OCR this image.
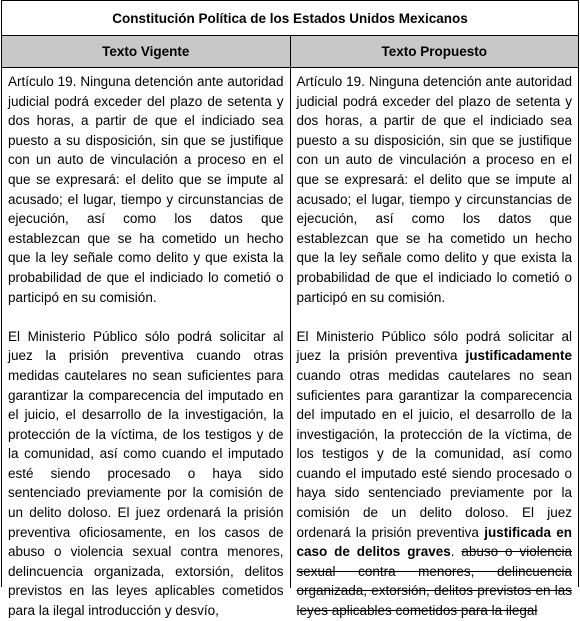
Constitución Política de los Estados Unidos Mexicanos
Texto Vigente	Texto Propuesto

Artículo 19. Ninguna detención ante autoridad judicial podrá exceder del plazo de setenta y dos horas, a partir de que el indiciado sea puesto a su disposición, sin que se justifique con un auto de vinculación a proceso en el que se expresará: el delito que se impute al acusado; el lugar, tiempo y circunstancias de ejecución, así como los datos que establezcan que se ha cometido un hecho que la ley señale como delito y que exista la probabilidad de que el indiciado lo cometió o participó en su comisión.

El Ministerio Público sólo podrá solicitar al juez la prisión preventiva cuando otras medidas cautelares no sean suficientes para garantizar la comparecencia del imputado en el juicio, el desarrollo de la investigación, la protección de la víctima, de los testigos y de la comunidad, así como cuando el imputado esté siendo procesado o haya sido sentenciado previamente por la comisión de un delito doloso. El juez ordenará la prisión preventiva oficiosamente, en los casos de abuso o violencia sexual contra menores, delincuencia organizada, extorsión, delitos previstos en las leyes aplicables cometidos para la ilegal introducción y desvío,

Artículo 19. Ninguna detención ante autoridad judicial podrá exceder del plazo de setenta y dos horas, a partir de que el indiciado sea puesto a su disposición, sin que se justifique con un auto de vinculación a proceso en el que se expresará: el delito que se impute al acusado; el lugar, tiempo y circunstancias de ejecución, así como los datos que establezcan que se ha cometido un hecho que la ley señale como delito y que exista la probabilidad de que el indiciado lo cometió o participó en su comisión.

El Ministerio Público sólo podrá solicitar al juez la prisión preventiva justificadamente cuando otras medidas cautelares no sean suficientes para garantizar la comparecencia del imputado en el juicio, el desarrollo de la investigación, la protección de la víctima, de los testigos y de la comunidad, así como cuando el imputado esté siendo procesado o haya sido sentenciado previamente por la comisión de un delito doloso. El juez ordenará la prisión preventiva justificada en caso de delitos graves. abuso o violencia sexual contra menores, delincuencia organizada, extorsión, delitos previstos en las leyes aplicables cometidos para la ilegal
